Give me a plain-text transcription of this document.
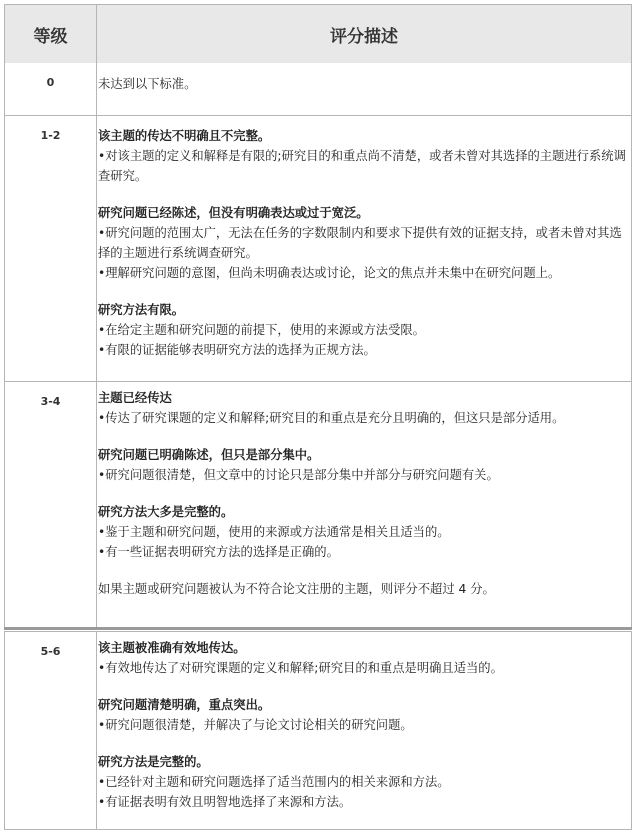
等级	评分描述
0	未达到以下标准。
1-2	该主题的传达不明确且不完整。
•对该主题的定义和解释是有限的;研究目的和重点尚不清楚，或者未曾对其选择的主题进行系统调查研究。
研究问题已经陈述，但没有明确表达或过于宽泛。
•研究问题的范围太广，无法在任务的字数限制内和要求下提供有效的证据支持，或者未曾对其选择的主题进行系统调查研究。
•理解研究问题的意图，但尚未明确表达或讨论，论文的焦点并未集中在研究问题上。
研究方法有限。
•在给定主题和研究问题的前提下，使用的来源或方法受限。
•有限的证据能够表明研究方法的选择为正规方法。
3-4	主题已经传达
•传达了研究课题的定义和解释;研究目的和重点是充分且明确的，但这只是部分适用。
研究问题已明确陈述，但只是部分集中。
•研究问题很清楚，但文章中的讨论只是部分集中并部分与研究问题有关。
研究方法大多是完整的。
•鉴于主题和研究问题，使用的来源或方法通常是相关且适当的。
•有一些证据表明研究方法的选择是正确的。
如果主题或研究问题被认为不符合论文注册的主题，则评分不超过 4 分。
5-6	该主题被准确有效地传达。
•有效地传达了对研究课题的定义和解释;研究目的和重点是明确且适当的。
研究问题清楚明确，重点突出。
•研究问题很清楚，并解决了与论文讨论相关的研究问题。
研究方法是完整的。
•已经针对主题和研究问题选择了适当范围内的相关来源和方法。
•有证据表明有效且明智地选择了来源和方法。
